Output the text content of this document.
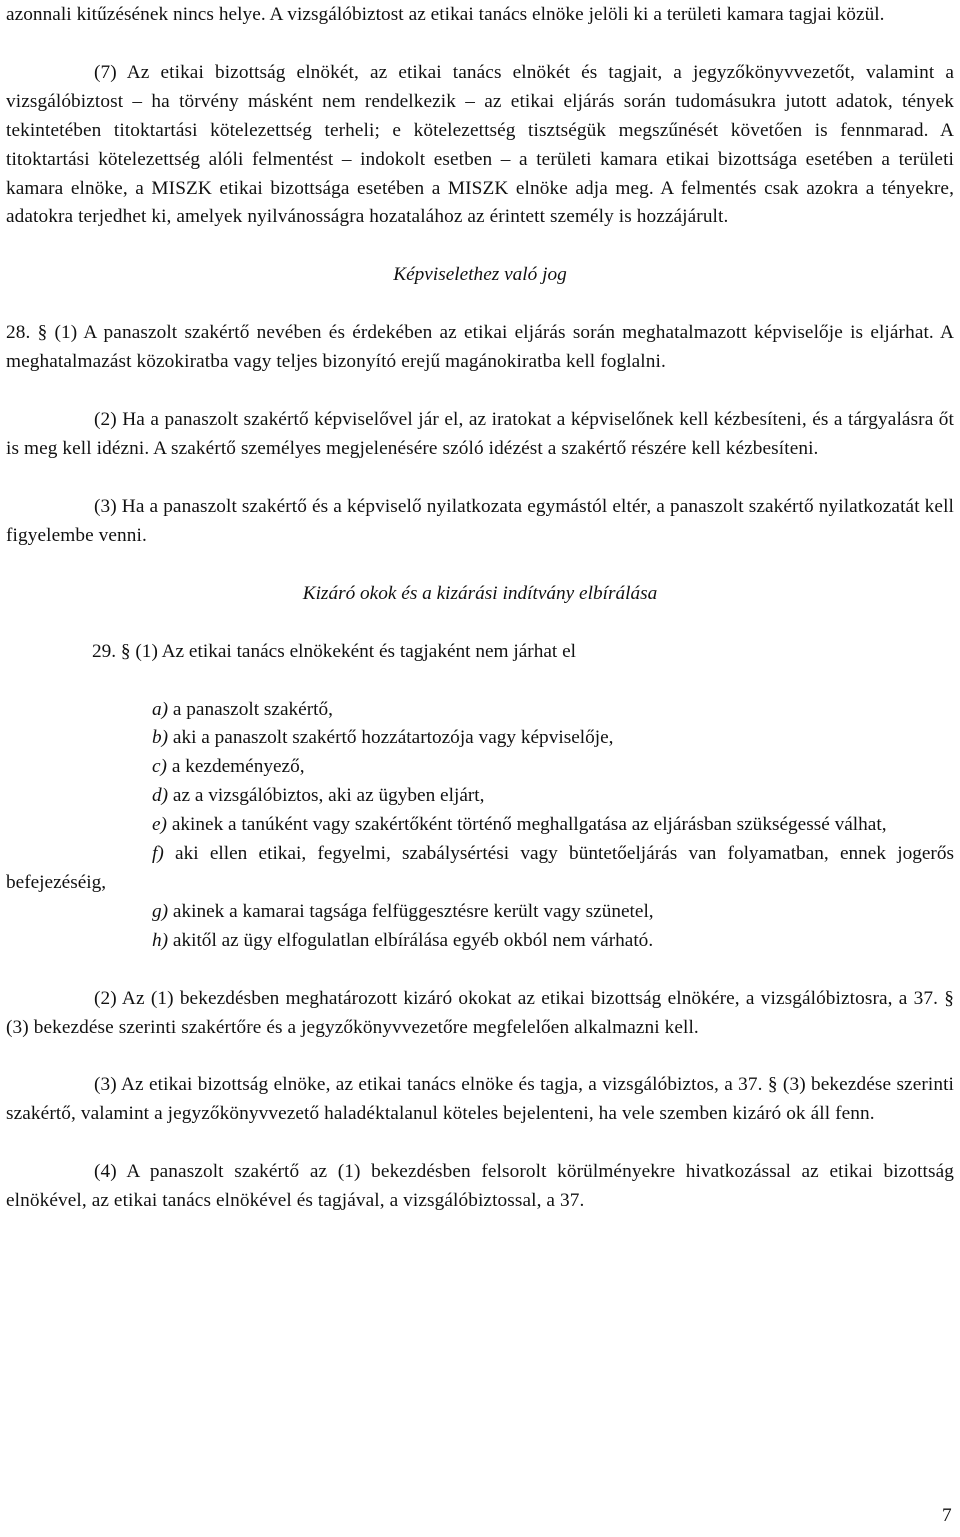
azonnali kitűzésének nincs helye. A vizsgálóbiztost az etikai tanács elnöke jelöli ki a területi kamara tagjai közül.

(7) Az etikai bizottság elnökét, az etikai tanács elnökét és tagjait, a jegyzőkönyvvezetőt, valamint a vizsgálóbiztost – ha törvény másként nem rendelkezik – az etikai eljárás során tudomásukra jutott adatok, tények tekintetében titoktartási kötelezettség terheli; e kötelezettség tisztségük megszűnését követően is fennmarad. A titoktartási kötelezettség alóli felmentést – indokolt esetben – a területi kamara etikai bizottsága esetében a területi kamara elnöke, a MISZK etikai bizottsága esetében a MISZK elnöke adja meg. A felmentés csak azokra a tényekre, adatokra terjedhet ki, amelyek nyilvánosságra hozatalához az érintett személy is hozzájárult.

Képviselethez való jog

28. § (1) A panaszolt szakértő nevében és érdekében az etikai eljárás során meghatalmazott képviselője is eljárhat. A meghatalmazást közokiratba vagy teljes bizonyító erejű magánokiratba kell foglalni.

(2) Ha a panaszolt szakértő képviselővel jár el, az iratokat a képviselőnek kell kézbesíteni, és a tárgyalásra őt is meg kell idézni. A szakértő személyes megjelenésére szóló idézést a szakértő részére kell kézbesíteni.

(3) Ha a panaszolt szakértő és a képviselő nyilatkozata egymástól eltér, a panaszolt szakértő nyilatkozatát kell figyelembe venni.

Kizáró okok és a kizárási indítvány elbírálása

29. § (1) Az etikai tanács elnökeként és tagjaként nem járhat el

a) a panaszolt szakértő,

b) aki a panaszolt szakértő hozzátartozója vagy képviselője,

c) a kezdeményező,

d) az a vizsgálóbiztos, aki az ügyben eljárt,

e) akinek a tanúként vagy szakértőként történő meghallgatása az eljárásban szükségessé válhat,

f) aki ellen etikai, fegyelmi, szabálysértési vagy büntetőeljárás van folyamatban, ennek jogerős befejezéséig,

g) akinek a kamarai tagsága felfüggesztésre került vagy szünetel,

h) akitől az ügy elfogulatlan elbírálása egyéb okból nem várható.

(2) Az (1) bekezdésben meghatározott kizáró okokat az etikai bizottság elnökére, a vizsgálóbiztosra, a 37. § (3) bekezdése szerinti szakértőre és a jegyzőkönyvvezetőre megfelelően alkalmazni kell.

(3) Az etikai bizottság elnöke, az etikai tanács elnöke és tagja, a vizsgálóbiztos, a 37. § (3) bekezdése szerinti szakértő, valamint a jegyzőkönyvvezető haladéktalanul köteles bejelenteni, ha vele szemben kizáró ok áll fenn.

(4) A panaszolt szakértő az (1) bekezdésben felsorolt körülményekre hivatkozással az etikai bizottság elnökével, az etikai tanács elnökével és tagjával, a vizsgálóbiztossal, a 37.

7
